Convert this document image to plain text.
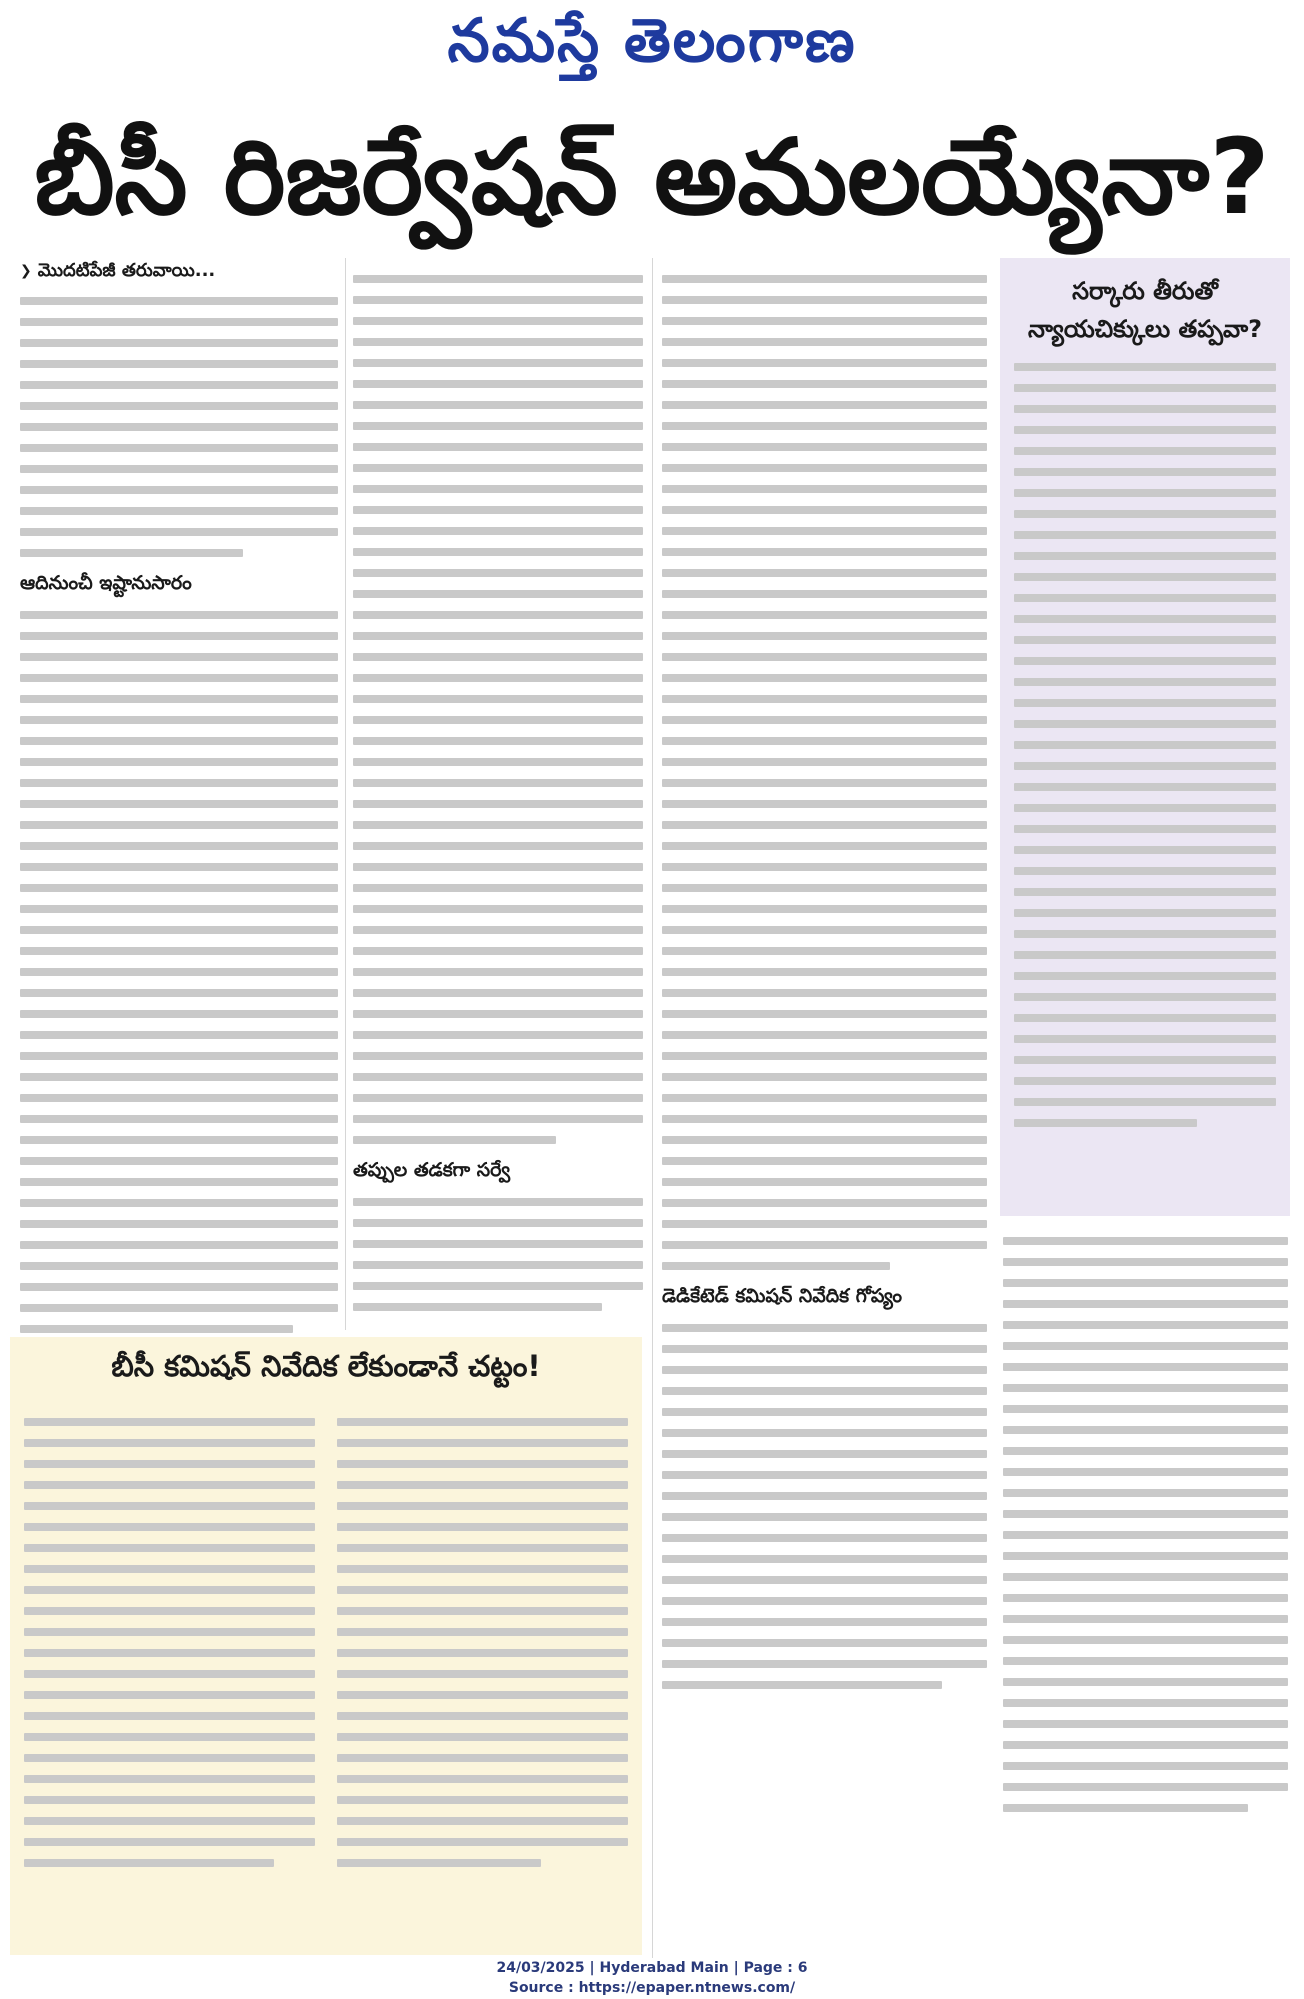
నమస్తే తెలంగాణ
బీసీ రిజర్వేషన్ అమలయ్యేనా?
❯ మొదటిపేజీ తరువాయి...
ఆదినుంచీ ఇష్టానుసారం
తప్పుల తడకగా సర్వే
డెడికేటెడ్ కమిషన్ నివేదిక గోప్యం
సర్కారు తీరుతో
న్యాయచిక్కులు తప్పవా?
బీసీ కమిషన్ నివేదిక లేకుండానే చట్టం!
24/03/2025 | Hyderabad Main | Page : 6
Source : https://epaper.ntnews.com/
